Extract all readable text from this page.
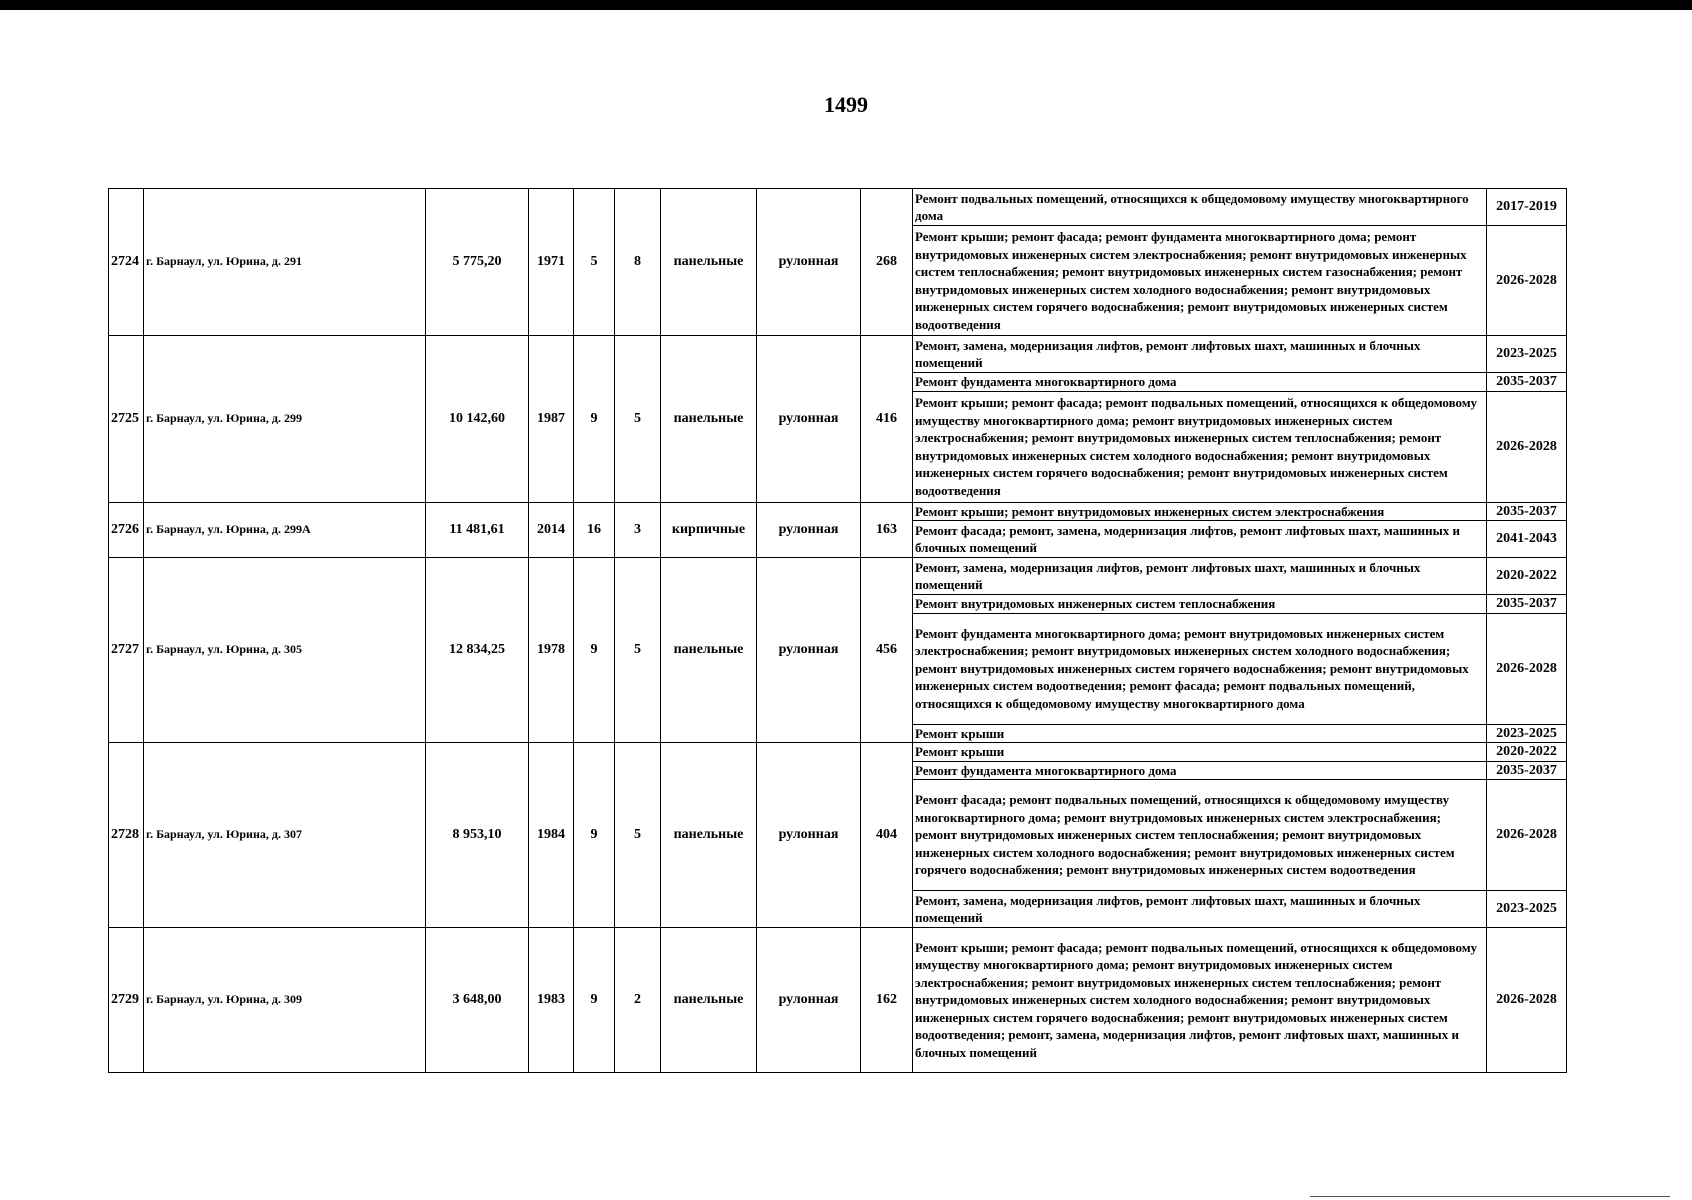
1499
2724	г. Барнаул, ул. Юрина, д. 291	5 775,20	1971	5	8	панельные	рулонная	268	Ремонт подвальных помещений, относящихся к общедомовому имуществу многоквартирного дома	2017-2019
									Ремонт крыши; ремонт фасада; ремонт фундамента многоквартирного дома; ремонт внутридомовых инженерных систем электроснабжения; ремонт внутридомовых инженерных систем теплоснабжения; ремонт внутридомовых инженерных систем газоснабжения; ремонт внутридомовых инженерных систем холодного водоснабжения; ремонт внутридомовых инженерных систем горячего водоснабжения; ремонт внутридомовых инженерных систем водоотведения	2026-2028
2725	г. Барнаул, ул. Юрина, д. 299	10 142,60	1987	9	5	панельные	рулонная	416	Ремонт, замена, модернизация лифтов, ремонт лифтовых шахт, машинных и блочных помещений	2023-2025
									Ремонт фундамента многоквартирного дома	2035-2037
									Ремонт крыши; ремонт фасада; ремонт подвальных помещений, относящихся к общедомовому имуществу многоквартирного дома; ремонт внутридомовых инженерных систем электроснабжения; ремонт внутридомовых инженерных систем теплоснабжения; ремонт внутридомовых инженерных систем холодного водоснабжения; ремонт внутридомовых инженерных систем горячего водоснабжения; ремонт внутридомовых инженерных систем водоотведения	2026-2028
2726	г. Барнаул, ул. Юрина, д. 299А	11 481,61	2014	16	3	кирпичные	рулонная	163	Ремонт крыши; ремонт внутридомовых инженерных систем электроснабжения	2035-2037
									Ремонт фасада; ремонт, замена, модернизация лифтов, ремонт лифтовых шахт, машинных и блочных помещений	2041-2043
2727	г. Барнаул, ул. Юрина, д. 305	12 834,25	1978	9	5	панельные	рулонная	456	Ремонт, замена, модернизация лифтов, ремонт лифтовых шахт, машинных и блочных помещений	2020-2022
									Ремонт внутридомовых инженерных систем теплоснабжения	2035-2037
									Ремонт фундамента многоквартирного дома; ремонт внутридомовых инженерных систем электроснабжения; ремонт внутридомовых инженерных систем холодного водоснабжения; ремонт внутридомовых инженерных систем горячего водоснабжения; ремонт внутридомовых инженерных систем водоотведения; ремонт фасада; ремонт подвальных помещений, относящихся к общедомовому имуществу многоквартирного дома	2026-2028
									Ремонт крыши	2023-2025
2728	г. Барнаул, ул. Юрина, д. 307	8 953,10	1984	9	5	панельные	рулонная	404	Ремонт крыши	2020-2022
									Ремонт фундамента многоквартирного дома	2035-2037
									Ремонт фасада; ремонт подвальных помещений, относящихся к общедомовому имуществу многоквартирного дома; ремонт внутридомовых инженерных систем электроснабжения; ремонт внутридомовых инженерных систем теплоснабжения; ремонт внутридомовых инженерных систем холодного водоснабжения; ремонт внутридомовых инженерных систем горячего водоснабжения; ремонт внутридомовых инженерных систем водоотведения	2026-2028
									Ремонт, замена, модернизация лифтов, ремонт лифтовых шахт, машинных и блочных помещений	2023-2025
2729	г. Барнаул, ул. Юрина, д. 309	3 648,00	1983	9	2	панельные	рулонная	162	Ремонт крыши; ремонт фасада; ремонт подвальных помещений, относящихся к общедомовому имуществу многоквартирного дома; ремонт внутридомовых инженерных систем электроснабжения; ремонт внутридомовых инженерных систем теплоснабжения; ремонт внутридомовых инженерных систем холодного водоснабжения; ремонт внутридомовых инженерных систем горячего водоснабжения; ремонт внутридомовых инженерных систем водоотведения; ремонт, замена, модернизация лифтов, ремонт лифтовых шахт, машинных и блочных помещений	2026-2028
